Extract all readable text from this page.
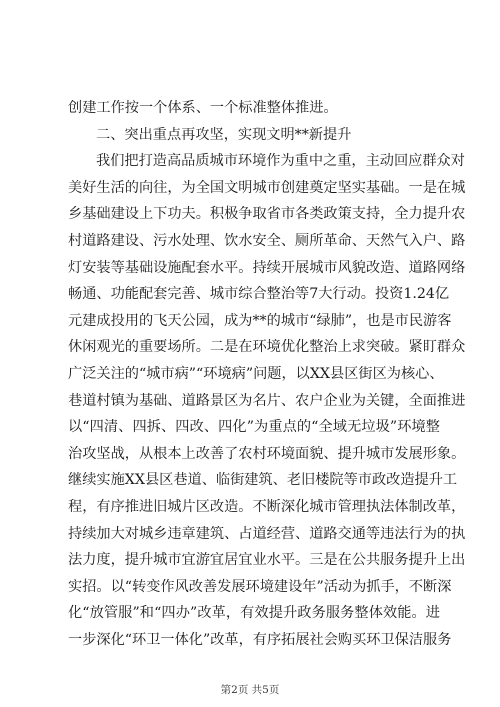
创建工作按一个体系、一个标准整体推进。
二、突出重点再攻坚，实现文明**新提升
我们把打造高品质城市环境作为重中之重，主动回应群众对
美好生活的向往，为全国文明城市创建奠定坚实基础。一是在城
乡基础建设上下功夫。积极争取省市各类政策支持，全力提升农
村道路建设、污水处理、饮水安全、厕所革命、天然气入户、路
灯安装等基础设施配套水平。持续开展城市风貌改造、道路网络
畅通、功能配套完善、城市综合整治等7大行动。投资1.24亿
元建成投用的飞天公园，成为**的城市“绿肺”，也是市民游客
休闲观光的重要场所。二是在环境优化整治上求突破。紧盯群众
广泛关注的“城市病”“环境病”问题，以XX县区街区为核心、
巷道村镇为基础、道路景区为名片、农户企业为关键，全面推进
以“四清、四拆、四改、四化”为重点的“全域无垃圾”环境整
治攻坚战，从根本上改善了农村环境面貌、提升城市发展形象。
继续实施XX县区巷道、临街建筑、老旧楼院等市政改造提升工
程，有序推进旧城片区改造。不断深化城市管理执法体制改革，
持续加大对城乡违章建筑、占道经营、道路交通等违法行为的执
法力度，提升城市宜游宜居宜业水平。三是在公共服务提升上出
实招。以“转变作风改善发展环境建设年”活动为抓手，不断深
化“放管服”和“四办”改革，有效提升政务服务整体效能。进
一步深化“环卫一体化”改革，有序拓展社会购买环卫保洁服务
第2页 共5页
